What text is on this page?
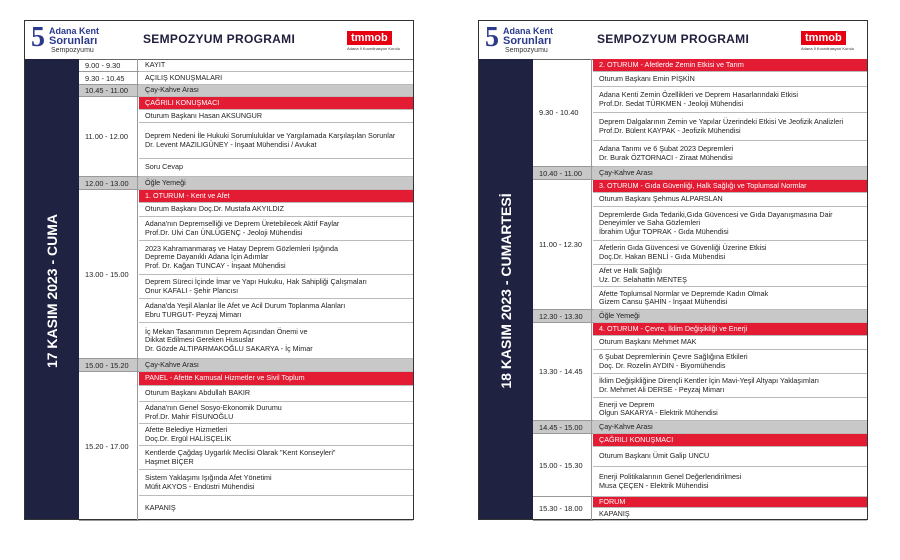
5 Adana Kent
Sorunları
Sempozyumu
SEMPOZYUM PROGRAMI	tmmob
Adana İl Koordinasyon Kurulu
17 KASIM 2023 - CUMA
9.00 - 9.30	KAYIT
9.30 - 10.45	AÇILIŞ KONUŞMALARI
10.45 - 11.00	Çay-Kahve Arası
11.00 - 12.00
ÇAĞRILI KONUŞMACI
Oturum Başkanı Hasan AKSUNGUR
Deprem Nedeni İle Hukuki Sorumluluklar ve Yargılamada Karşılaşılan Sorunlar
Dr. Levent MAZILIGÜNEY - İnşaat Mühendisi / Avukat
Soru Cevap
12.00 - 13.00	Öğle Yemeği
13.00 - 15.00
1. OTURUM - Kent ve Afet
Oturum Başkanı Doç.Dr. Mustafa AKYILDIZ
Adana'nın Depremselliği ve Deprem Üretebilecek Aktif Faylar
Prof.Dr. Ulvi Can ÜNLÜGENÇ - Jeoloji Mühendisi
2023 Kahramanmaraş ve Hatay Deprem Gözlemleri Işığında
Depreme Dayanıklı Adana İçin Adımlar
Prof. Dr. Kağan TUNCAY - İnşaat Mühendisi
Deprem Süreci İçinde İmar ve Yapı Hukuku, Hak Sahipliği Çalışmaları
Onur KAFALI - Şehir Plancısı
Adana'da Yeşil Alanlar İle Afet ve Acil Durum Toplanma Alanları
Ebru TURGUT- Peyzaj Mimarı
İç Mekan Tasarımının Deprem Açısından Önemi ve
Dikkat Edilmesi Gereken Hususlar
Dr. Gözde ALTIPARMAKOĞLU SAKARYA - İç Mimar
15.00 - 15.20	Çay-Kahve Arası
15.20 - 17.00
PANEL - Afette Kamusal Hizmetler ve Sivil Toplum
Oturum Başkanı Abdullah BAKIR
Adana'nın Genel Sosyo-Ekonomik Durumu
Prof.Dr. Mahir FİSUNOĞLU
Afette Belediye Hizmetleri
Doç.Dr. Ergül HALİSÇELİK
Kentlerde Çağdaş Uygarlık Meclisi Olarak "Kent Konseyleri"
Haşmet BİÇER
Sistem Yaklaşımı Işığında Afet Yönetimi
Müfit AKYOS - Endüstri Mühendisi
KAPANIŞ
5 Adana Kent
Sorunları
Sempozyumu
SEMPOZYUM PROGRAMI	tmmob
Adana İl Koordinasyon Kurulu
18 KASIM 2023 - CUMARTESİ
9.30 - 10.40
2. OTURUM - Afetlerde Zemin Etkisi ve Tarım
Oturum Başkanı Emin PİŞKİN
Adana Kenti Zemin Özellikleri ve Deprem Hasarlarındaki Etkisi
Prof.Dr. Sedat TÜRKMEN - Jeoloji Mühendisi
Deprem Dalgalarının Zemin ve Yapılar Üzerindeki Etkisi Ve Jeofizik Analizleri
Prof.Dr. Bülent KAYPAK - Jeofizik Mühendisi
Adana Tarımı ve 6 Şubat 2023 Depremleri
Dr. Burak ÖZTORNACI - Ziraat Mühendisi
10.40 - 11.00	Çay-Kahve Arası
11.00 - 12.30
3. OTURUM - Gıda Güvenliği, Halk Sağlığı ve Toplumsal Normlar
Oturum Başkanı Şehmus ALPARSLAN
Depremlerde Gıda Tedariki,Gıda Güvencesi ve Gıda Dayanışmasına Dair
Deneyimler ve Saha Gözlemleri
İbrahim Uğur TOPRAK - Gıda Mühendisi
Afetlerin Gıda Güvencesi ve Güvenliği Üzerine Etkisi
Doç.Dr. Hakan BENLİ - Gıda Mühendisi
Afet ve Halk Sağlığı
Uz. Dr. Selahattin MENTEŞ
Afette Toplumsal Normlar ve Depremde Kadın Olmak
Gizem Cansu ŞAHİN - İnşaat Mühendisi
12.30 - 13.30	Öğle Yemeği
13.30 - 14.45
4. OTURUM - Çevre, İklim Değişikliği ve Enerji
Oturum Başkanı Mehmet MAK
6 Şubat Depremlerinin Çevre Sağlığına Etkileri
Doç. Dr. Rozelin AYDIN - Biyomühendis
İklim Değişikliğine Dirençli Kentler İçin Mavi-Yeşil Altyapı Yaklaşımları
Dr. Mehmet Ali DERSE - Peyzaj Mimarı
Enerji ve Deprem
Olgun SAKARYA - Elektrik Mühendisi
14.45 - 15.00	Çay-Kahve Arası
15.00 - 15.30
ÇAĞRILI KONUŞMACI
Oturum Başkanı Ümit Galip UNCU
Enerji Politikalarının Genel Değerlendirilmesi
Musa ÇEÇEN - Elektrik Mühendisi
15.30 - 18.00
FORUM
KAPANIŞ
